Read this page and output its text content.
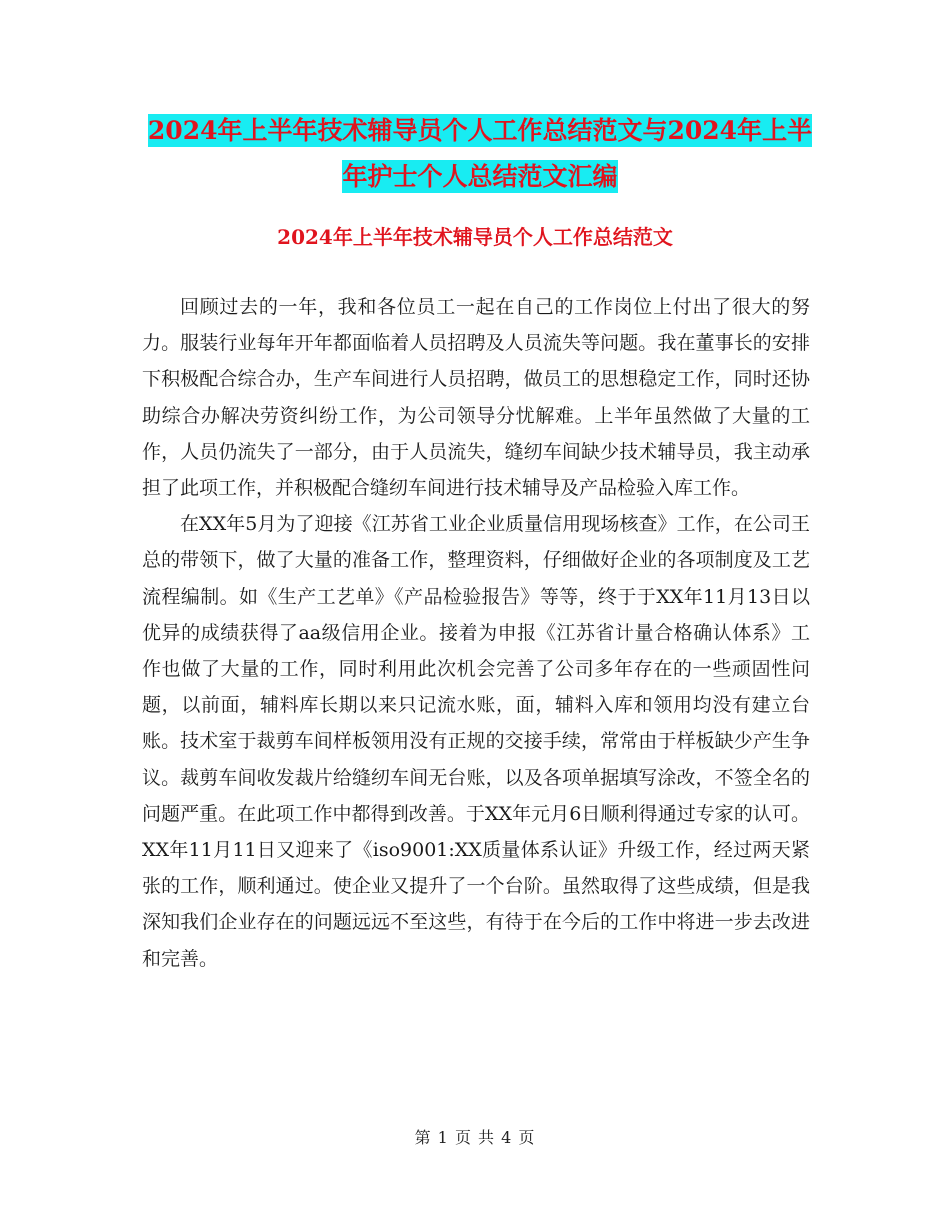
2024年上半年技术辅导员个人工作总结范文与2024年上半年护士个人总结范文汇编
2024年上半年技术辅导员个人工作总结范文

回顾过去的一年，我和各位员工一起在自己的工作岗位上付出了很大的努力。服装行业每年开年都面临着人员招聘及人员流失等问题。我在董事长的安排下积极配合综合办，生产车间进行人员招聘，做员工的思想稳定工作，同时还协助综合办解决劳资纠纷工作，为公司领导分忧解难。上半年虽然做了大量的工作，人员仍流失了一部分，由于人员流失，缝纫车间缺少技术辅导员，我主动承担了此项工作，并积极配合缝纫车间进行技术辅导及产品检验入库工作。

在XX年5月为了迎接《江苏省工业企业质量信用现场核查》工作，在公司王总的带领下，做了大量的准备工作，整理资料，仔细做好企业的各项制度及工艺流程编制。如《生产工艺单》《产品检验报告》等等，终于于XX年11月13日以优异的成绩获得了aa级信用企业。接着为申报《江苏省计量合格确认体系》工作也做了大量的工作，同时利用此次机会完善了公司多年存在的一些顽固性问题，以前面，辅料库长期以来只记流水账，面，辅料入库和领用均没有建立台账。技术室于裁剪车间样板领用没有正规的交接手续，常常由于样板缺少产生争议。裁剪车间收发裁片给缝纫车间无台账，以及各项单据填写涂改，不签全名的问题严重。在此项工作中都得到改善。于XX年元月6日顺利得通过专家的认可。XX年11月11日又迎来了《iso9001:XX质量体系认证》升级工作，经过两天紧张的工作，顺利通过。使企业又提升了一个台阶。虽然取得了这些成绩，但是我深知我们企业存在的问题远远不至这些，有待于在今后的工作中将进一步去改进和完善。

第 1 页 共 4 页
